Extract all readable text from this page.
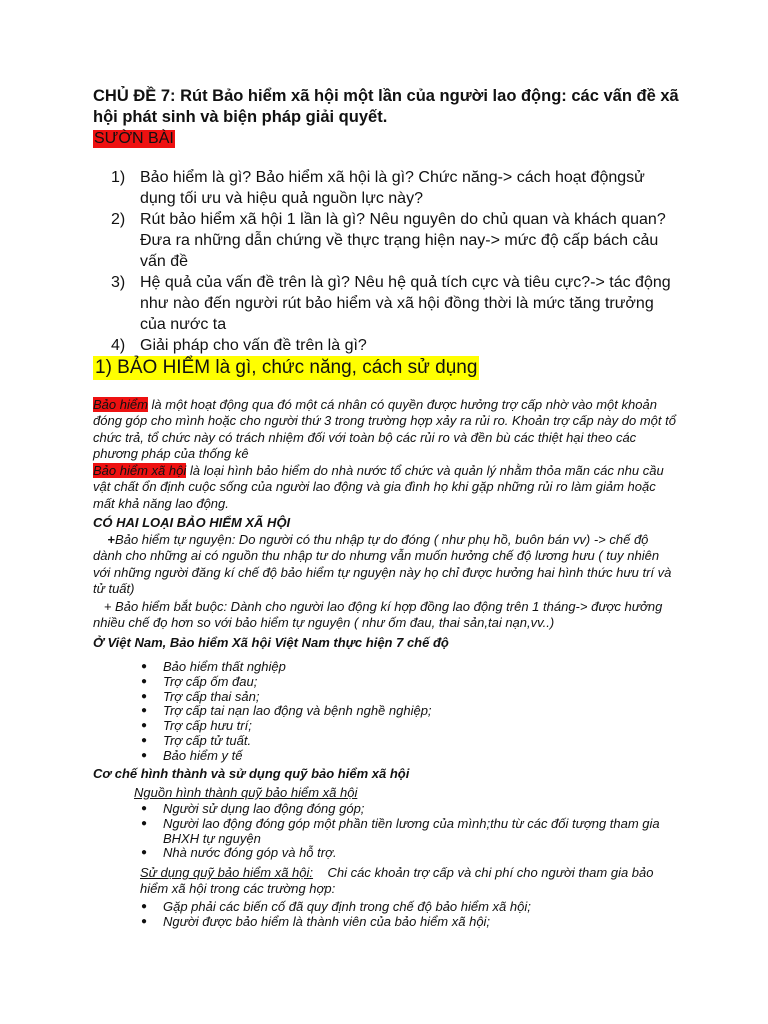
CHỦ ĐỀ 7: Rút Bảo hiểm xã hội một lần của người lao động: các vấn đề xã hội phát sinh và biện pháp giải quyết.
SƯỜN BÀI
1) Bảo hiểm là gì? Bảo hiểm xã hội là gì? Chức năng-> cách hoạt độngsử dụng tối ưu và hiệu quả nguồn lực này?
2) Rút bảo hiểm xã hội 1 lần là gì? Nêu nguyên do chủ quan và khách quan? Đưa ra những dẫn chứng về thực trạng hiện nay-> mức độ cấp bách cảu vấn đề
3) Hệ quả của vấn đề trên là gì? Nêu hệ quả tích cực và tiêu cực?-> tác động như nào đến người rút bảo hiểm và xã hội đồng thời là mức tăng trưởng của nước ta
4) Giải pháp cho vấn đề trên là gì?
1) BẢO HIỂM là gì, chức năng, cách sử dụng
Bảo hiểm là một hoạt động qua đó một cá nhân có quyền được hưởng trợ cấp nhờ vào một khoản đóng góp cho mình hoặc cho người thứ 3 trong trường hợp xảy ra rủi ro. Khoản trợ cấp này do một tổ chức trả, tổ chức này có trách nhiệm đối với toàn bộ các rủi ro và đền bù các thiệt hại theo các phương pháp của thống kê
Bảo hiểm xã hội là loại hình bảo hiểm do nhà nước tổ chức và quản lý nhằm thỏa mãn các nhu cầu vật chất ổn định cuộc sống của người lao động và gia đình họ khi gặp những rủi ro làm giảm hoặc mất khả năng lao động.
CÓ HAI LOẠI BẢO HIỂM XÃ HỘI
+Bảo hiểm tự nguyện: Do người có thu nhập tự do đóng ( như phụ hồ, buôn bán vv) -> chế độ dành cho những ai có nguồn thu nhập tư do nhưng vẫn muốn hưởng chế độ lương hưu ( tuy nhiên với những người đăng kí chế độ bảo hiểm tự nguyện này họ chỉ được hưởng hai hình thức hưu trí và tử tuất)
+ Bảo hiểm bắt buộc: Dành cho người lao động kí hợp đồng lao động trên 1 tháng-> được hưởng nhiều chế đọ hơn so với bảo hiểm tự nguyện ( như ốm đau, thai sản,tai nạn,vv..)
Ở Việt Nam, Bảo hiểm Xã hội Việt Nam thực hiện 7 chế độ
● Bảo hiểm thất nghiệp
● Trợ cấp ốm đau;
● Trợ cấp thai sản;
● Trợ cấp tai nạn lao động và bệnh nghề nghiệp;
● Trợ cấp hưu trí;
● Trợ cấp tử tuất.
● Bảo hiểm y tế
Cơ chế hình thành và sử dụng quỹ bảo hiểm xã hội
Nguồn hình thành quỹ bảo hiểm xã hội
● Người sử dụng lao động đóng góp;
● Người lao động đóng góp một phần tiền lương của mình;thu từ các đối tượng tham gia BHXH tự nguyện
● Nhà nước đóng góp và hỗ trợ.
Sử dụng quỹ bảo hiểm xã hội:    Chi các khoản trợ cấp và chi phí cho người tham gia bảo hiểm xã hội trong các trường hợp:
● Gặp phải các biến cố đã quy định trong chế độ bảo hiểm xã hội;
● Người được bảo hiểm là thành viên của bảo hiểm xã hội;
